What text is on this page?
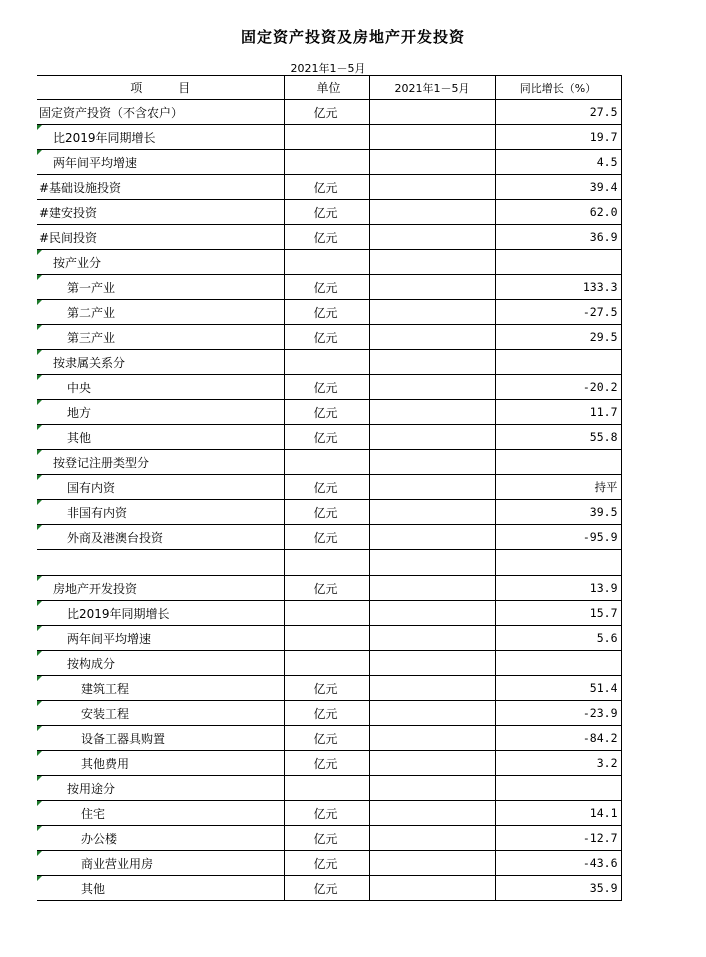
固定资产投资及房地产开发投资
2021年1－5月
项　　　目	单位	2021年1－5月	同比增长（%）
固定资产投资（不含农户）	亿元		27.5
比2019年同期增长			19.7
两年间平均增速			4.5
#基础设施投资	亿元		39.4
#建安投资	亿元		62.0
#民间投资	亿元		36.9
按产业分

第一产业	亿元		133.3
第二产业	亿元		-27.5
第三产业	亿元		29.5
按隶属关系分

中央	亿元		-20.2
地方	亿元		11.7
其他	亿元		55.8
按登记注册类型分

国有内资	亿元		持平
非国有内资	亿元		39.5
外商及港澳台投资	亿元		-95.9

房地产开发投资	亿元		13.9
比2019年同期增长			15.7
两年间平均增速			5.6
按构成分

建筑工程	亿元		51.4
安装工程	亿元		-23.9
设备工器具购置	亿元		-84.2
其他费用	亿元		3.2
按用途分

住宅	亿元		14.1
办公楼	亿元		-12.7
商业营业用房	亿元		-43.6
其他	亿元		35.9
